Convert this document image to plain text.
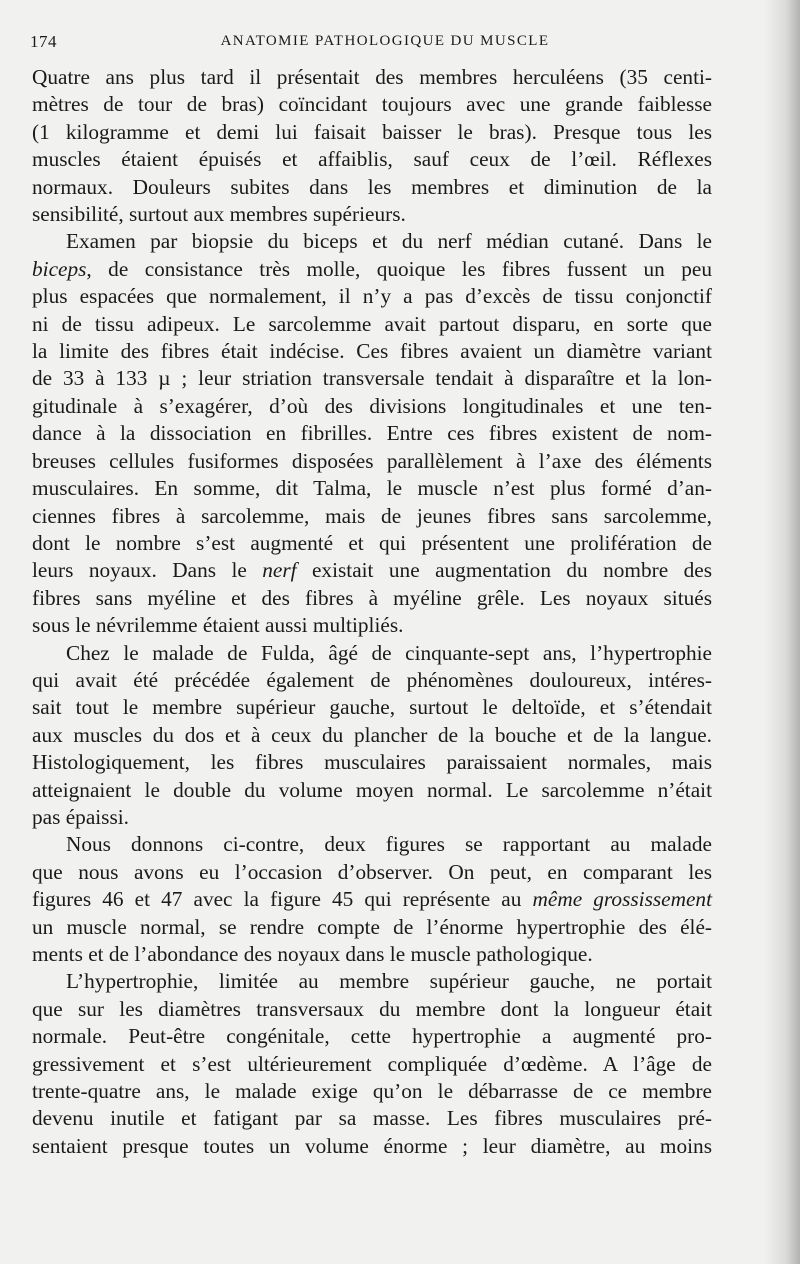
174	ANATOMIE PATHOLOGIQUE DU MUSCLE
Quatre ans plus tard il présentait des membres herculéens (35 centi-
mètres de tour de bras) coïncidant toujours avec une grande faiblesse
(1 kilogramme et demi lui faisait baisser le bras). Presque tous les
muscles étaient épuisés et affaiblis, sauf ceux de l’œil. Réflexes
normaux. Douleurs subites dans les membres et diminution de la
sensibilité, surtout aux membres supérieurs.
Examen par biopsie du biceps et du nerf médian cutané. Dans le
biceps, de consistance très molle, quoique les fibres fussent un peu
plus espacées que normalement, il n’y a pas d’excès de tissu conjonctif
ni de tissu adipeux. Le sarcolemme avait partout disparu, en sorte que
la limite des fibres était indécise. Ces fibres avaient un diamètre variant
de 33 à 133 µ ; leur striation transversale tendait à disparaître et la lon-
gitudinale à s’exagérer, d’où des divisions longitudinales et une ten-
dance à la dissociation en fibrilles. Entre ces fibres existent de nom-
breuses cellules fusiformes disposées parallèlement à l’axe des éléments
musculaires. En somme, dit Talma, le muscle n’est plus formé d’an-
ciennes fibres à sarcolemme, mais de jeunes fibres sans sarcolemme,
dont le nombre s’est augmenté et qui présentent une prolifération de
leurs noyaux. Dans le nerf existait une augmentation du nombre des
fibres sans myéline et des fibres à myéline grêle. Les noyaux situés
sous le névrilemme étaient aussi multipliés.
Chez le malade de Fulda, âgé de cinquante-sept ans, l’hypertrophie
qui avait été précédée également de phénomènes douloureux, intéres-
sait tout le membre supérieur gauche, surtout le deltoïde, et s’étendait
aux muscles du dos et à ceux du plancher de la bouche et de la langue.
Histologiquement, les fibres musculaires paraissaient normales, mais
atteignaient le double du volume moyen normal. Le sarcolemme n’était
pas épaissi.
Nous donnons ci-contre, deux figures se rapportant au malade
que nous avons eu l’occasion d’observer. On peut, en comparant les
figures 46 et 47 avec la figure 45 qui représente au même grossissement
un muscle normal, se rendre compte de l’énorme hypertrophie des élé-
ments et de l’abondance des noyaux dans le muscle pathologique.
L’hypertrophie, limitée au membre supérieur gauche, ne portait
que sur les diamètres transversaux du membre dont la longueur était
normale. Peut-être congénitale, cette hypertrophie a augmenté pro-
gressivement et s’est ultérieurement compliquée d’œdème. A l’âge de
trente-quatre ans, le malade exige qu’on le débarrasse de ce membre
devenu inutile et fatigant par sa masse. Les fibres musculaires pré-
sentaient presque toutes un volume énorme ; leur diamètre, au moins
